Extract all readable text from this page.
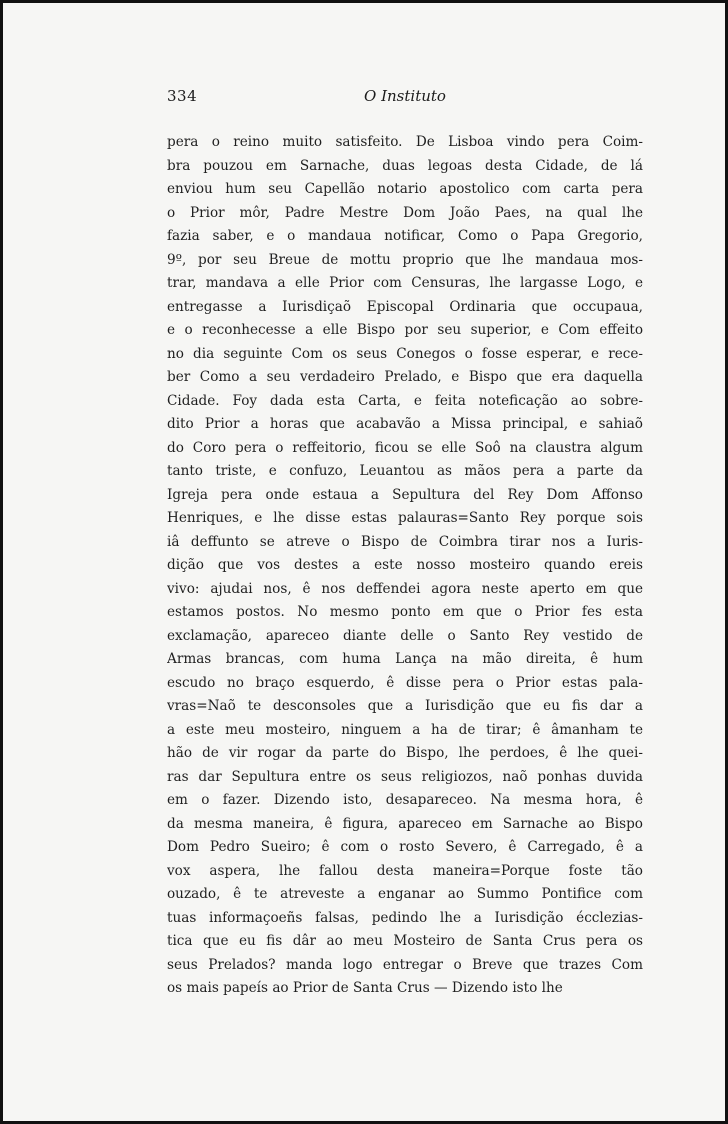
334	O Instituto
pera o reino muito satisfeito. De Lisboa vindo pera Coim-
bra pouzou em Sarnache, duas legoas desta Cidade, de lá
enviou hum seu Capellão notario apostolico com carta pera
o Prior môr, Padre Mestre Dom João Paes, na qual lhe
fazia saber, e o mandaua notificar, Como o Papa Gregorio,
9º, por seu Breue de mottu proprio que lhe mandaua mos-
trar, mandava a elle Prior com Censuras, lhe largasse Logo, e
entregasse a Iurisdiçaõ Episcopal Ordinaria que occupaua,
e o reconhecesse a elle Bispo por seu superior, e Com effeito
no dia seguinte Com os seus Conegos o fosse esperar, e rece-
ber Como a seu verdadeiro Prelado, e Bispo que era daquella
Cidade. Foy dada esta Carta, e feita noteficação ao sobre-
dito Prior a horas que acabavão a Missa principal, e sahiaõ
do Coro pera o reffeitorio, ficou se elle Soô na claustra algum
tanto triste, e confuzo, Leuantou as mãos pera a parte da
Igreja pera onde estaua a Sepultura del Rey Dom Affonso
Henriques, e lhe disse estas palauras=Santo Rey porque sois
iâ deffunto se atreve o Bispo de Coimbra tirar nos a Iuris-
dição que vos destes a este nosso mosteiro quando ereis
vivo: ajudai nos, ê nos deffendei agora neste aperto em que
estamos postos. No mesmo ponto em que o Prior fes esta
exclamação, apareceo diante delle o Santo Rey vestido de
Armas brancas, com huma Lança na mão direita, ê hum
escudo no braço esquerdo, ê disse pera o Prior estas pala-
vras=Naõ te desconsoles que a Iurisdição que eu fis dar a
a este meu mosteiro, ninguem a ha de tirar; ê âmanham te
hão de vir rogar da parte do Bispo, lhe perdoes, ê lhe quei-
ras dar Sepultura entre os seus religiozos, naõ ponhas duvida
em o fazer. Dizendo isto, desapareceo. Na mesma hora, ê
da mesma maneira, ê figura, apareceo em Sarnache ao Bispo
Dom Pedro Sueiro; ê com o rosto Severo, ê Carregado, ê a
vox aspera, lhe fallou desta maneira=Porque foste tão
ouzado, ê te atreveste a enganar ao Summo Pontifice com
tuas informaçoeñs falsas, pedindo lhe a Iurisdição écclezias-
tica que eu fis dâr ao meu Mosteiro de Santa Crus pera os
seus Prelados? manda logo entregar o Breve que trazes Com
os mais papeís ao Prior de Santa Crus — Dizendo isto lhe
